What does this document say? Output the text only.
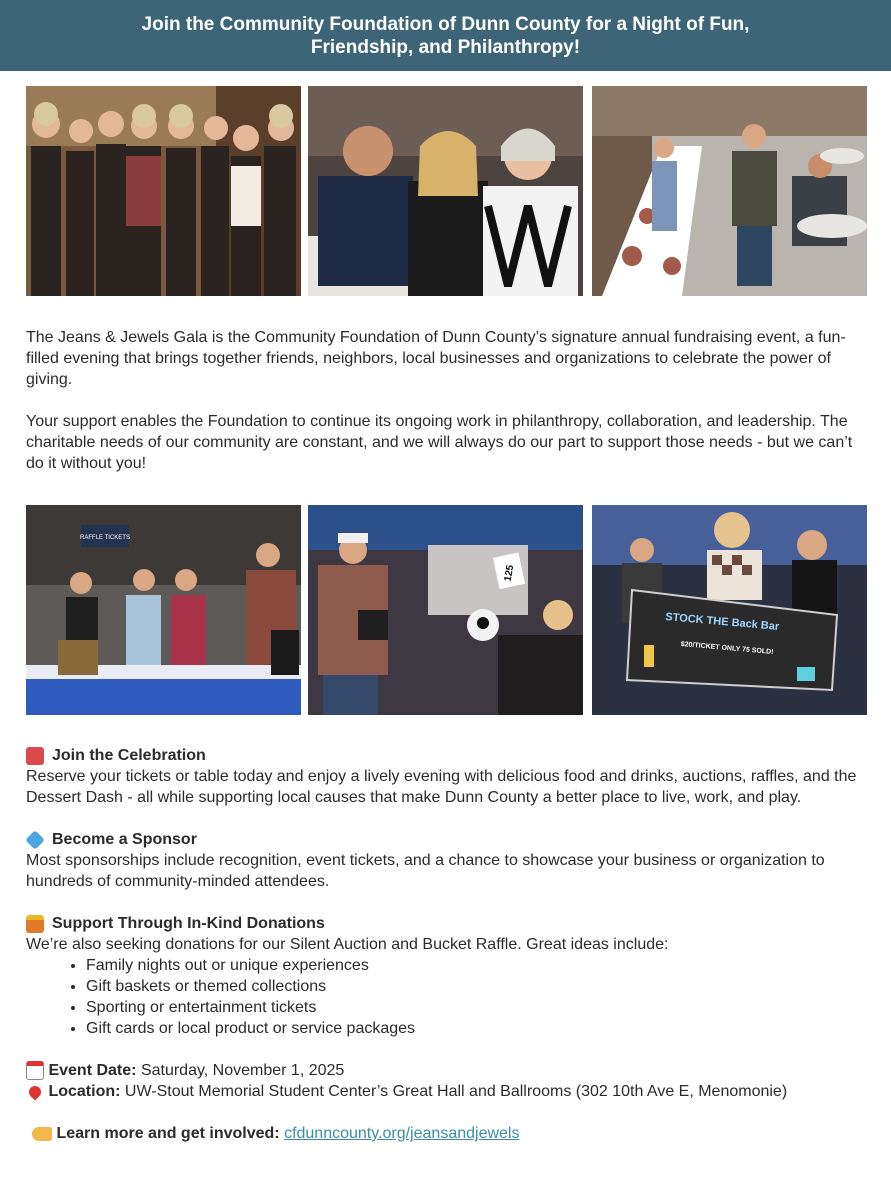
Join the Community Foundation of Dunn County for a Night of Fun, Friendship, and Philanthropy!

The Jeans & Jewels Gala is the Community Foundation of Dunn County’s signature annual fundraising event, a fun-filled evening that brings together friends, neighbors, local businesses and organizations to celebrate the power of giving.

Your support enables the Foundation to continue its ongoing work in philanthropy, collaboration, and leadership. The charitable needs of our community are constant, and we will always do our part to support those needs - but we can’t do it without you!

RAFFLE TICKETS
125
STOCK THE Back Bar
$20/TICKET ONLY 75 SOLD!
Join the Celebration

Reserve your tickets or table today and enjoy a lively evening with delicious food and drinks, auctions, raffles, and the Dessert Dash - all while supporting local causes that make Dunn County a better place to live, work, and play.

Become a Sponsor

Most sponsorships include recognition, event tickets, and a chance to showcase your business or organization to hundreds of community-minded attendees.

Support Through In-Kind Donations

We’re also seeking donations for our Silent Auction and Bucket Raffle. Great ideas include:

• Family nights out or unique experiences
• Gift baskets or themed collections
• Sporting or entertainment tickets
• Gift cards or local product or service packages
Event Date: Saturday, November 1, 2025
Location: UW-Stout Memorial Student Center’s Great Hall and Ballrooms (302 10th Ave E, Menomonie)
Learn more and get involved: cfdunncounty.org/jeansandjewels
